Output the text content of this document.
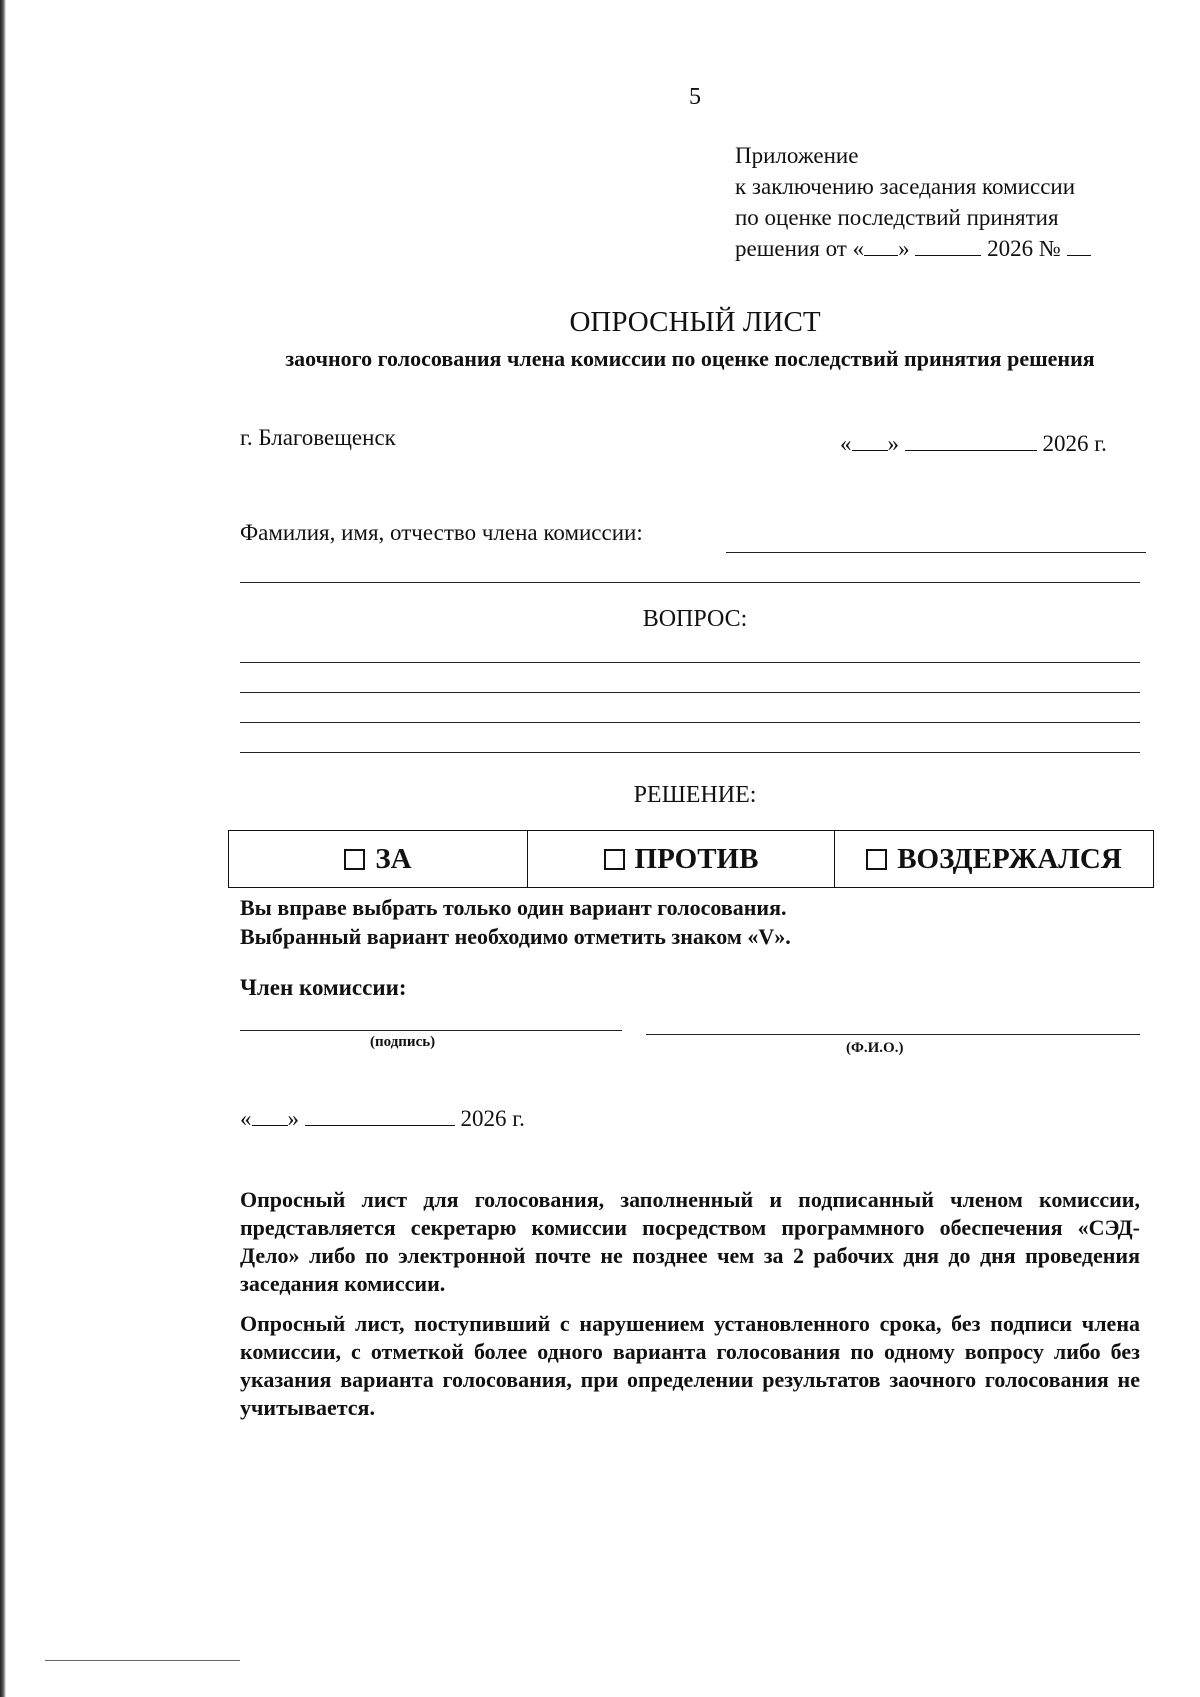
5
Приложение
к заключению заседания комиссии
по оценке последствий принятия
решения от « »	2026 №
ОПРОСНЫЙ ЛИСТ
заочного голосования члена комиссии по оценке последствий принятия решения
г. Благовещенск	« »	2026 г.
Фамилия, имя, отчество члена комиссии:
ВОПРОС:
РЕШЕНИЕ:
ЗА	ПРОТИВ	ВОЗДЕРЖАЛСЯ
Вы вправе выбрать только один вариант голосования.
Выбранный вариант необходимо отметить знаком «V».
Член комиссии:
(подпись)	(Ф.И.О.)
« »	2026 г.
Опросный лист для голосования, заполненный и подписанный членом комиссии, представляется секретарю комиссии посредством программного обеспечения «СЭД-Дело» либо по электронной почте не позднее чем за 2 рабочих дня до дня проведения заседания комиссии.
Опросный лист, поступивший с нарушением установленного срока, без подписи члена комиссии, с отметкой более одного варианта голосования по одному вопросу либо без указания варианта голосования, при определении результатов заочного голосования не учитывается.
